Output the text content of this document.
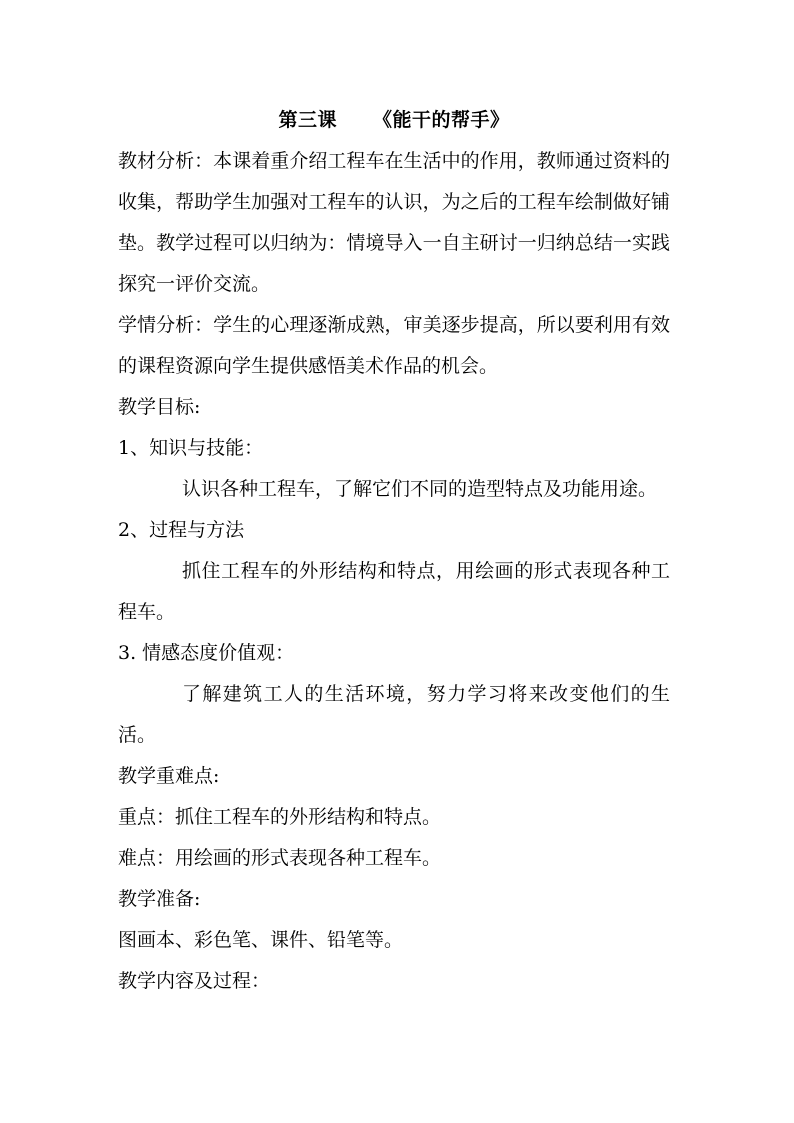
第三课 《能干的帮手》

教材分析：本课着重介绍工程车在生活中的作用，教师通过资料的收集，帮助学生加强对工程车的认识，为之后的工程车绘制做好铺垫。教学过程可以归纳为：情境导入一自主研讨一归纳总结一实践探究一评价交流。

学情分析：学生的心理逐渐成熟，审美逐步提高，所以要利用有效的课程资源向学生提供感悟美术作品的机会。

教学目标:

1、知识与技能：

认识各种工程车，了解它们不同的造型特点及功能用途。

2、过程与方法

抓住工程车的外形结构和特点，用绘画的形式表现各种工程车。

3. 情感态度价值观：

了解建筑工人的生活环境，努力学习将来改变他们的生活。

教学重难点:

重点：抓住工程车的外形结构和特点。

难点：用绘画的形式表现各种工程车。

教学准备:

图画本、彩色笔、课件、铅笔等。

教学内容及过程：
